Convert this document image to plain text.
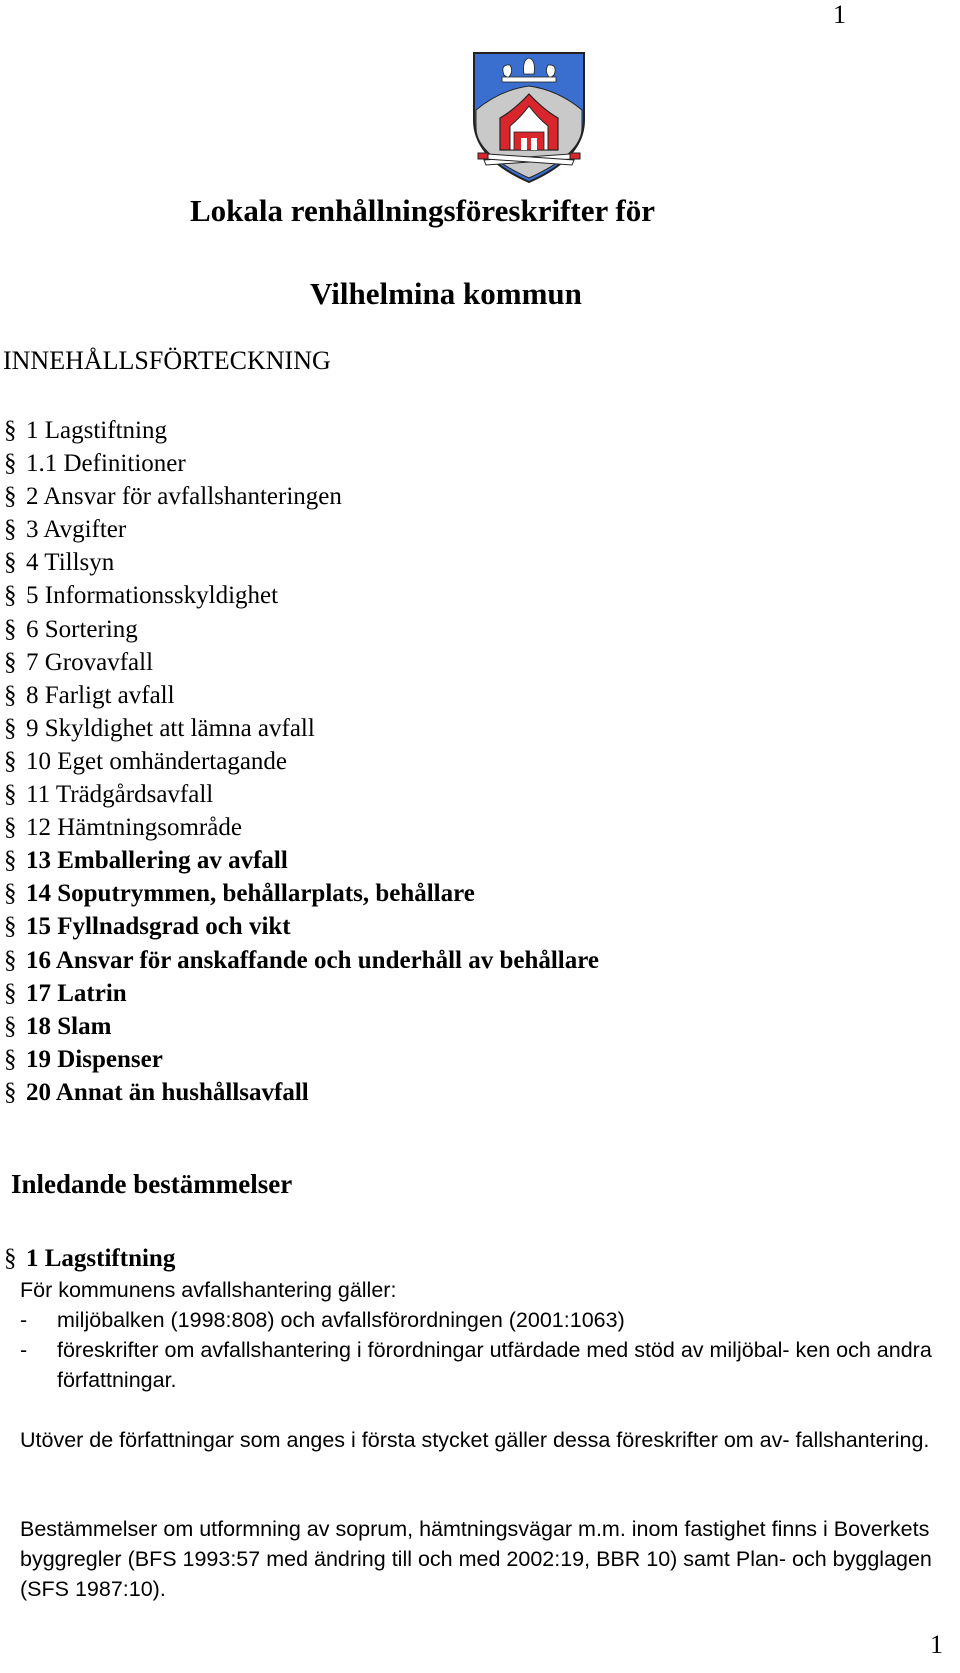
1
Lokala renhållningsföreskrifter för
Vilhelmina kommun
INNEHÅLLSFÖRTECKNING
§ 1 Lagstiftning
§ 1.1 Definitioner
§ 2 Ansvar för avfallshanteringen
§ 3 Avgifter
§ 4 Tillsyn
§ 5 Informationsskyldighet
§ 6 Sortering
§ 7 Grovavfall
§ 8 Farligt avfall
§ 9 Skyldighet att lämna avfall
§ 10 Eget omhändertagande
§ 11 Trädgårdsavfall
§ 12 Hämtningsområde
§ 13 Emballering av avfall
§ 14 Soputrymmen, behållarplats, behållare
§ 15 Fyllnadsgrad och vikt
§ 16 Ansvar för anskaffande och underhåll av behållare
§ 17 Latrin
§ 18 Slam
§ 19 Dispenser
§ 20 Annat än hushållsavfall
Inledande bestämmelser
§ 1 Lagstiftning
För kommunens avfallshantering gäller:
- miljöbalken (1998:808) och avfallsförordningen (2001:1063)
- föreskrifter om avfallshantering i förordningar utfärdade med stöd av miljöbal- ken och andra författningar.
Utöver de författningar som anges i första stycket gäller dessa föreskrifter om av- fallshantering.
Bestämmelser om utformning av soprum, hämtningsvägar m.m. inom fastighet finns i Boverkets byggregler (BFS 1993:57 med ändring till och med 2002:19, BBR 10) samt Plan- och bygglagen (SFS 1987:10).
1
